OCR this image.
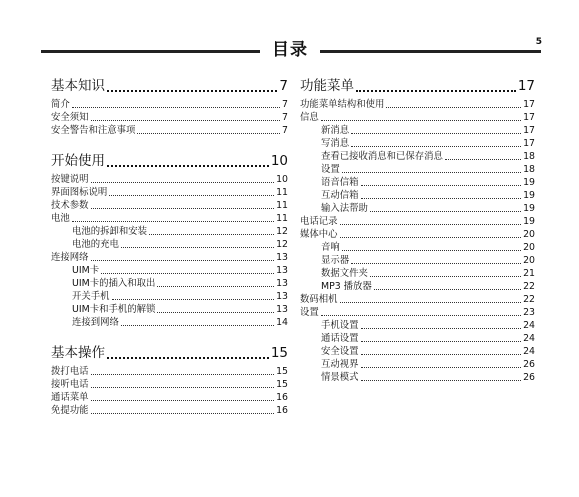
5
目录
基本知识	7
简介	7
安全须知	7
安全警告和注意事项	7
开始使用	10
按键说明	10
界面图标说明	11
技术参数	11
电池	11
电池的拆卸和安装	12
电池的充电	12
连接网络	13
UIM卡	13
UIM卡的插入和取出	13
开关手机	13
UIM卡和手机的解锁	13
连接到网络	14
基本操作	15
拨打电话	15
接听电话	15
通话菜单	16
免提功能	16
功能菜单	17
功能菜单结构和使用	17
信息	17
新消息	17
写消息	17
查看已接收消息和已保存消息	18
设置	18
语音信箱	19
互动信箱	19
输入法帮助	19
电话记录	19
媒体中心	20
音响	20
显示器	20
数据文件夹	21
MP3 播放器	22
数码相机	22
设置	23
手机设置	24
通话设置	24
安全设置	24
互动视界	26
情景模式	26
